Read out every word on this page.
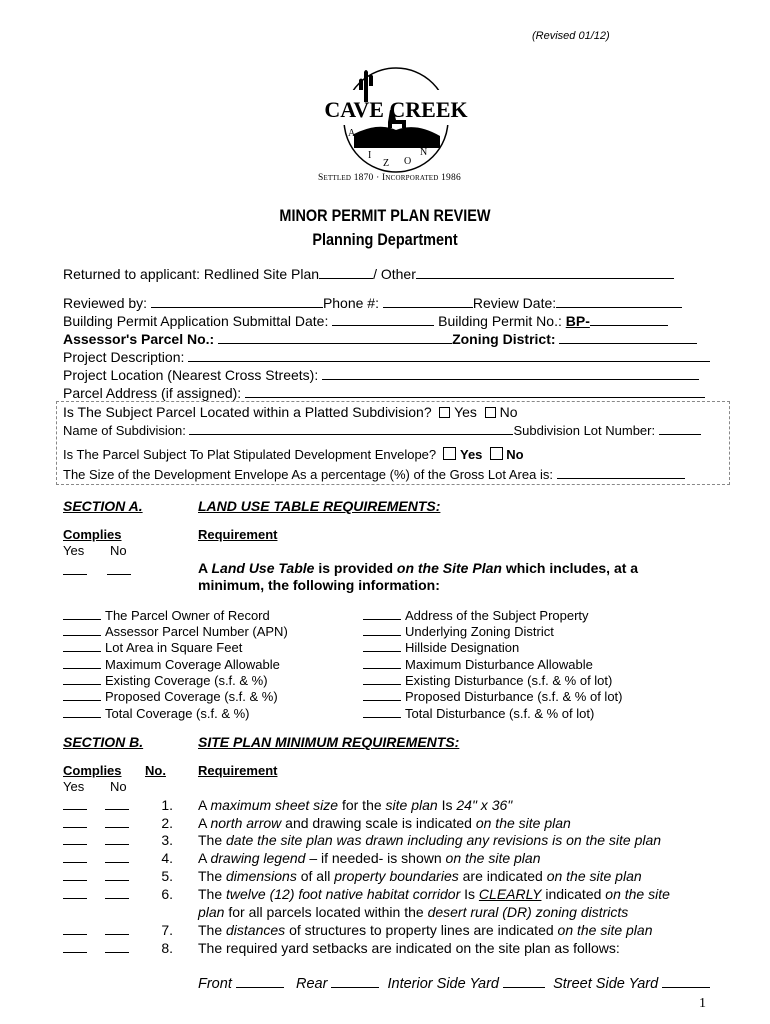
(Revised 01/12)
CAVE CREEK
A
R
I
Z O
N
A
Settled 1870 · Incorporated 1986
MINOR PERMIT PLAN REVIEW
Planning Department
Returned to applicant: Redlined Site Plan	/ Other
Reviewed by:	Phone #:	Review Date:
Building Permit Application Submittal Date:	Building Permit No.: BP-
Assessor's Parcel No.:	Zoning District:
Project Description:
Project Location (Nearest Cross Streets):
Parcel Address (if assigned):
Is The Subject Parcel Located within a Platted Subdivision? Yes No
Name of Subdivision:	Subdivision Lot Number:
Is The Parcel Subject To Plat Stipulated Development Envelope? Yes No
The Size of the Development Envelope As a percentage (%) of the Gross Lot Area is:
SECTION A.	LAND USE TABLE REQUIREMENTS:
Complies	Requirement
Yes No

A Land Use Table is provided on the Site Plan which includes, at a
minimum, the following information:
The Parcel Owner of Record
Assessor Parcel Number (APN)
Lot Area in Square Feet
Maximum Coverage Allowable
Existing Coverage (s.f. & %)
Proposed Coverage (s.f. & %)
Total Coverage (s.f. & %)
Address of the Subject Property
Underlying Zoning District
Hillside Designation
Maximum Disturbance Allowable
Existing Disturbance (s.f. & % of lot)
Proposed Disturbance (s.f. & % of lot)
Total Disturbance (s.f. & % of lot)
SECTION B.	SITE PLAN MINIMUM REQUIREMENTS:
Complies No. Requirement
Yes No
1. A maximum sheet size for the site plan Is 24" x 36"
2. A north arrow and drawing scale is indicated on the site plan
3. The date the site plan was drawn including any revisions is on the site plan
4. A drawing legend – if needed- is shown on the site plan
5. The dimensions of all property boundaries are indicated on the site plan
6. The twelve (12) foot native habitat corridor Is CLEARLY indicated on the site
plan for all parcels located within the desert rural (DR) zoning districts
7. The distances of structures to property lines are indicated on the site plan
8. The required yard setbacks are indicated on the site plan as follows:
Front	Rear	Interior Side Yard	Street Side Yard
1
